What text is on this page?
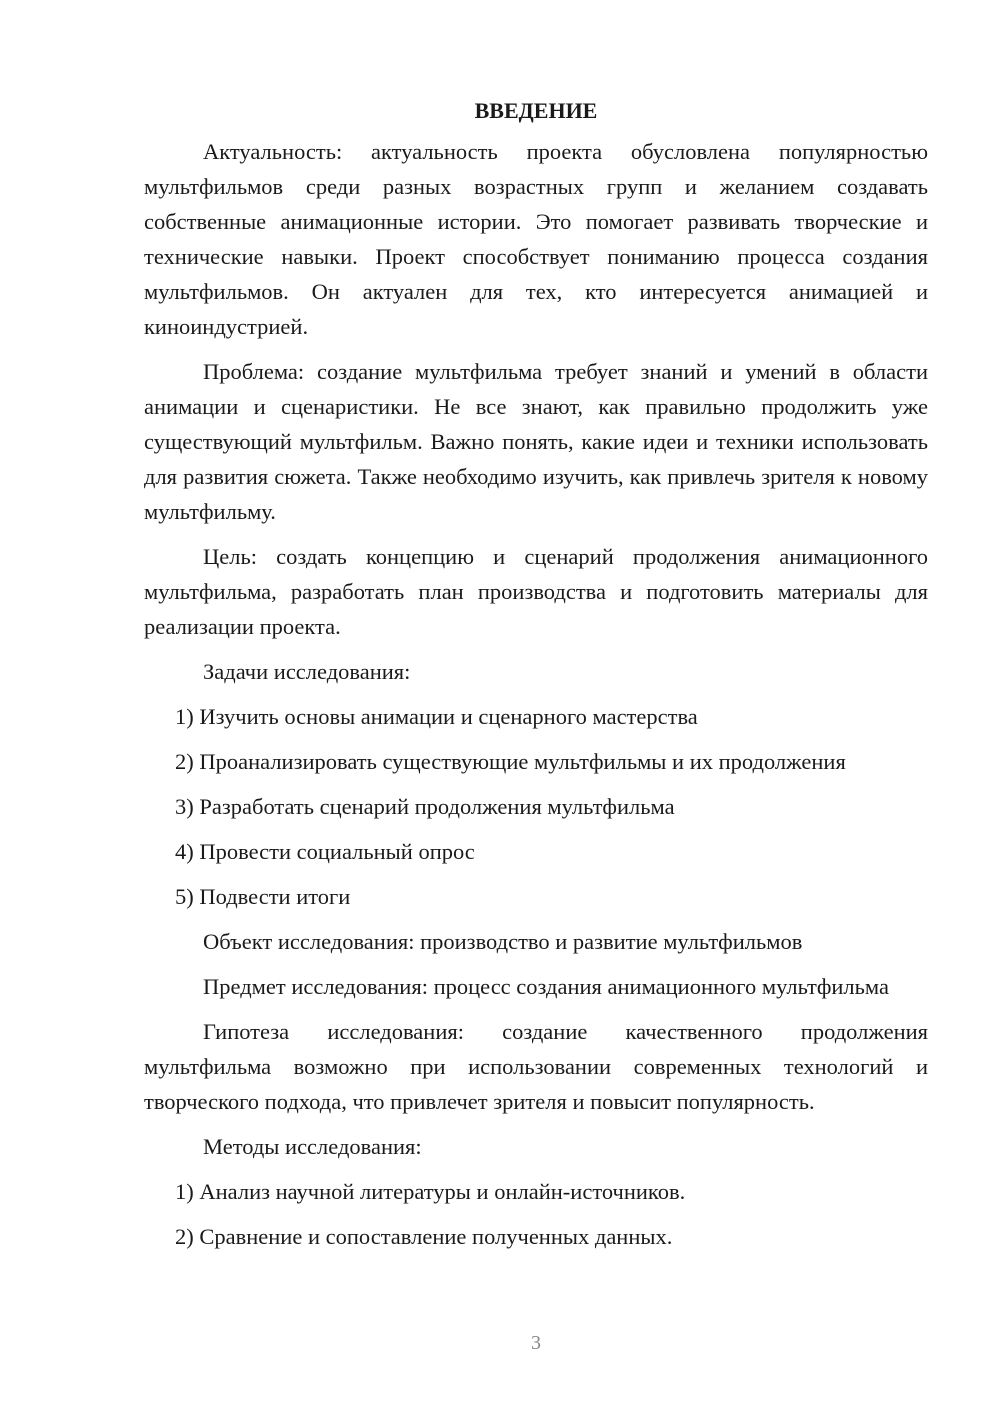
ВВЕДЕНИЕ

Актуальность: актуальность проекта обусловлена популярностью мультфильмов среди разных возрастных групп и желанием создавать собственные анимационные истории. Это помогает развивать творческие и технические навыки. Проект способствует пониманию процесса создания мультфильмов. Он актуален для тех, кто интересуется анимацией и киноиндустрией.

Проблема: создание мультфильма требует знаний и умений в области анимации и сценаристики. Не все знают, как правильно продолжить уже существующий мультфильм. Важно понять, какие идеи и техники использовать для развития сюжета. Также необходимо изучить, как привлечь зрителя к новому мультфильму.

Цель: создать концепцию и сценарий продолжения анимационного мультфильма, разработать план производства и подготовить материалы для реализации проекта.

Задачи исследования:

1) Изучить основы анимации и сценарного мастерства
2) Проанализировать существующие мультфильмы и их продолжения
3) Разработать сценарий продолжения мультфильма
4) Провести социальный опрос
5) Подвести итоги

Объект исследования: производство и развитие мультфильмов

Предмет исследования: процесс создания анимационного мультфильма

Гипотеза исследования: создание качественного продолжения мультфильма возможно при использовании современных технологий и творческого подхода, что привлечет зрителя и повысит популярность.

Методы исследования:

1) Анализ научной литературы и онлайн-источников.
2) Сравнение и сопоставление полученных данных.
3
